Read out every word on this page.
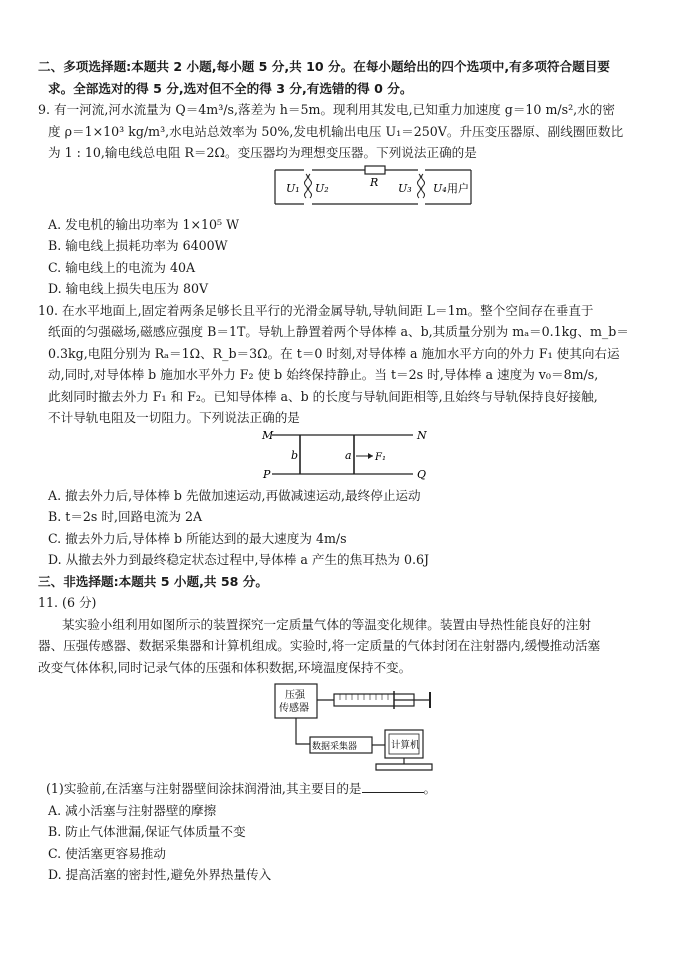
二、多项选择题:本题共 2 小题,每小题 5 分,共 10 分。在每小题给出的四个选项中,有多项符合题目要
求。全部选对的得 5 分,选对但不全的得 3 分,有选错的得 0 分。
9. 有一河流,河水流量为 Q＝4m³/s,落差为 h＝5m。现利用其发电,已知重力加速度 g＝10 m/s²,水的密
度 ρ＝1×10³ kg/m³,水电站总效率为 50%,发电机输出电压 U₁＝250V。升压变压器原、副线圈匝数比
为 1 : 10,输电线总电阻 R＝2Ω。变压器均为理想变压器。下列说法正确的是
U₁ U₂	R U₃ U₄ 用户
A. 发电机的输出功率为 1×10⁵ W
B. 输电线上损耗功率为 6400W
C. 输电线上的电流为 40A
D. 输电线上损失电压为 80V
10. 在水平地面上,固定着两条足够长且平行的光滑金属导轨,导轨间距 L＝1m。整个空间存在垂直于
纸面的匀强磁场,磁感应强度 B＝1T。导轨上静置着两个导体棒 a、b,其质量分别为 mₐ＝0.1kg、m_b＝
0.3kg,电阻分别为 Rₐ＝1Ω、R_b＝3Ω。在 t＝0 时刻,对导体棒 a 施加水平方向的外力 F₁ 使其向右运
动,同时,对导体棒 b 施加水平外力 F₂ 使 b 始终保持静止。当 t＝2s 时,导体棒 a 速度为 v₀＝8m/s,
此刻同时撤去外力 F₁ 和 F₂。已知导体棒 a、b 的长度与导轨间距相等,且始终与导轨保持良好接触,
不计导轨电阻及一切阻力。下列说法正确的是
M	N
P	Q
b	a F₁
A. 撤去外力后,导体棒 b 先做加速运动,再做减速运动,最终停止运动
B. t＝2s 时,回路电流为 2A
C. 撤去外力后,导体棒 b 所能达到的最大速度为 4m/s
D. 从撤去外力到最终稳定状态过程中,导体棒 a 产生的焦耳热为 0.6J
三、非选择题:本题共 5 小题,共 58 分。
11. (6 分)
某实验小组利用如图所示的装置探究一定质量气体的等温变化规律。装置由导热性能良好的注射
器、压强传感器、数据采集器和计算机组成。实验时,将一定质量的气体封闭在注射器内,缓慢推动活塞
改变气体体积,同时记录气体的压强和体积数据,环境温度保持不变。
压强
传感器
数据采集器	计算机
(1)实验前,在活塞与注射器壁间涂抹润滑油,其主要目的是	。
A. 减小活塞与注射器壁的摩擦
B. 防止气体泄漏,保证气体质量不变
C. 使活塞更容易推动
D. 提高活塞的密封性,避免外界热量传入
